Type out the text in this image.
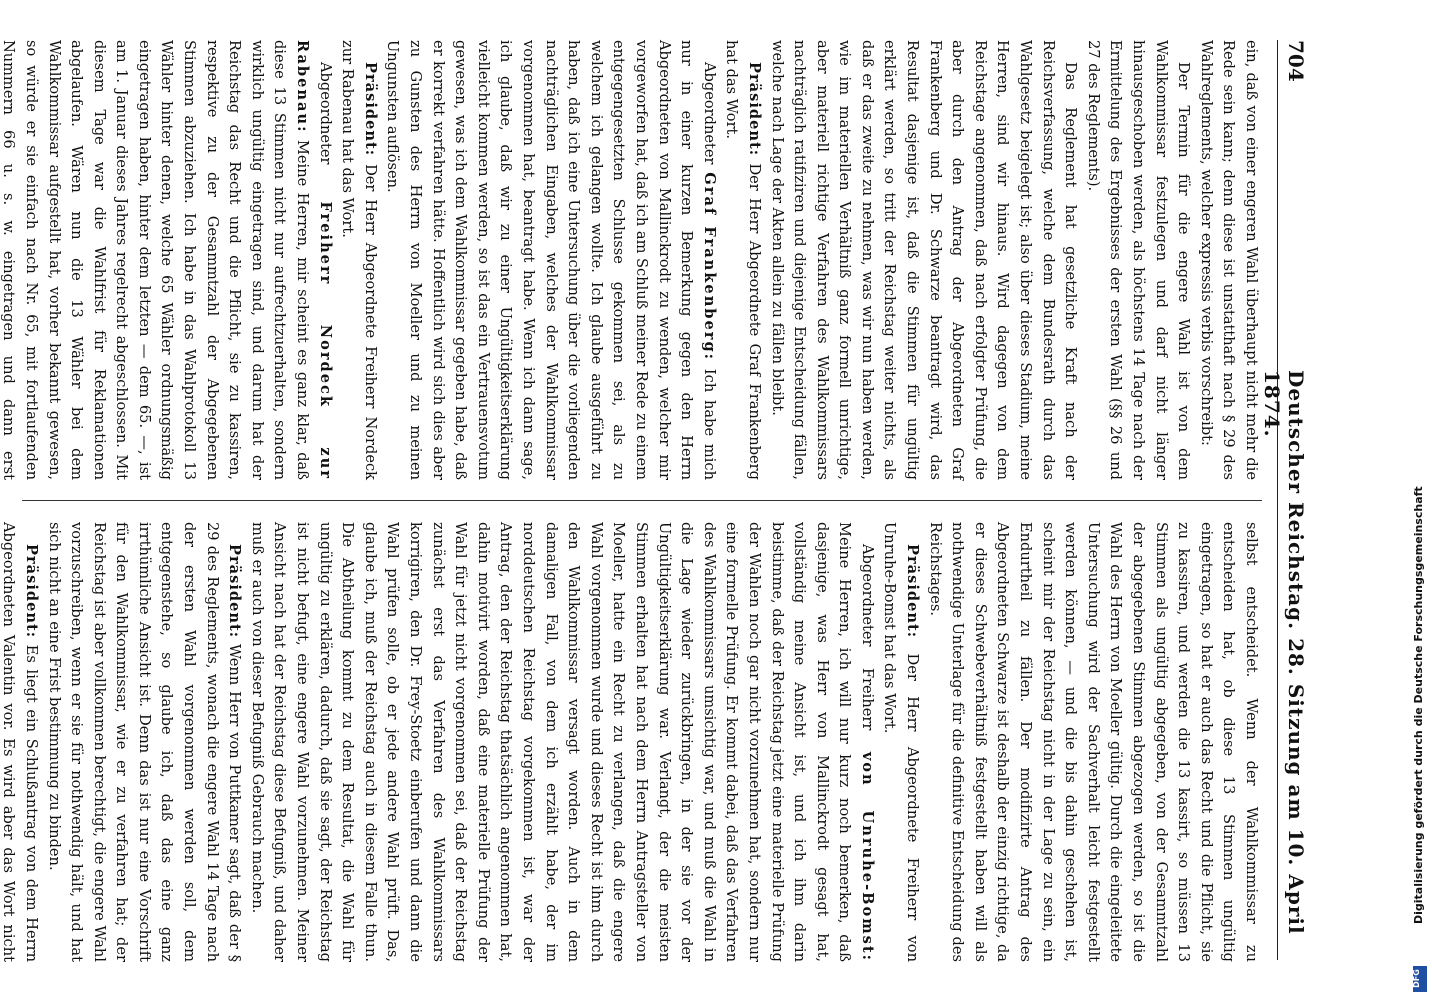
704
Deutscher Reichstag. 28. Sitzung am 10. April 1874.

ein, daß von einer engeren Wahl überhaupt nicht mehr die Rede sein kann; denn diese ist unstatthaft nach § 29 des Wahlreglements, welcher expressis verbis vorschreibt:

Der Termin für die engere Wahl ist von dem Wahlkommissar festzulegen und darf nicht länger hinausgeschoben werden, als höchstens 14 Tage nach der Ermittelung des Ergebnisses der ersten Wahl (§§ 26 und 27 des Reglements).

Das Reglement hat gesetzliche Kraft nach der Reichsverfassung, welche dem Bundesrath durch das Wahlgesetz beigelegt ist; also über dieses Stadium, meine Herren, sind wir hinaus. Wird dagegen von dem Reichstage angenommen, daß nach erfolgter Prüfung, die aber durch den Antrag der Abgeordneten Graf Frankenberg und Dr. Schwarze beantragt wird, das Resultat dasjenige ist, daß die Stimmen für ungültig erklärt werden, so tritt der Reichstag weiter nichts, als daß er das zweite zu nehmen, was wir nun haben werden, wie im materiellen Verhältniß ganz formell unrichtige, aber materiell richtige Verfahren des Wahlkommissars nachträglich ratifiziren und diejenige Entscheidung fällen, welche nach Lage der Akten allein zu fällen bleibt.

Präsident: Der Herr Abgeordnete Graf Frankenberg hat das Wort.

Abgeordneter Graf Frankenberg: Ich habe mich nur in einer kurzen Bemerkung gegen den Herrn Abgeordneten von Mallinckrodt zu wenden, welcher mir vorgeworfen hat, daß ich am Schluß meiner Rede zu einem entgegengesetzten Schlusse gekommen sei, als zu welchem ich gelangen wollte. Ich glaube ausgeführt zu haben, daß ich eine Untersuchung über die vorliegenden nachträglichen Eingaben, welches der Wahlkommissar vorgenommen hat, beantragt habe. Wenn ich dann sage, ich glaube, daß wir zu einer Ungültigkeitserklärung vielleicht kommen werden, so ist das ein Vertrauensvotum gewesen, was ich dem Wahlkommissar gegeben habe, daß er korrekt verfahren hätte. Hoffentlich wird sich dies aber zu Gunsten des Herrn von Moeller und zu meinen Ungunsten auflösen.

Präsident: Der Herr Abgeordnete Freiherr Nordeck zur Rabenau hat das Wort.

Abgeordneter Freiherr Nordeck zur Rabenau: Meine Herren, mir scheint es ganz klar, daß diese 13 Stimmen nicht nur aufrechtzuerhalten, sondern wirklich ungültig eingetragen sind, und darum hat der Reichstag das Recht und die Pflicht, sie zu kassiren, respektive zu der Gesammtzahl der Abgegebenen Stimmen abzuziehen. Ich habe in das Wahlprotokoll 13 Wähler hinter denen, welche 65 Wähler ordnungsmäßig eingetragen haben, hinter dem letzten — dem 65. —, ist am 1. Januar dieses Jahres regelrecht abgeschlossen. Mit diesem Tage war die Wahlfrist für Reklamationen abgelaufen. Wären nun die 13 Wähler bei dem Wahlkommissar aufgestellt hat, vorher bekannt gewesen, so würde er sie einfach nach Nr. 65, mit fortlaufenden Nummern 66 u. s. w. eingetragen und dann erst

selbst entscheidet. Wenn der Wahlkommissar zu entscheiden hat, ob diese 13 Stimmen ungültig eingetragen, so hat er auch das Recht und die Pflicht, sie zu kassiren, und werden die 13 kassirt, so müssen 13 Stimmen als ungültig abgegeben, von der Gesammtzahl der abgegebenen Stimmen abgezogen werden, so ist die Wahl des Herrn von Moeller gültig. Durch die eingeleitete Untersuchung wird der Sachverhalt leicht festgestellt werden können, — und die bis dahin geschehen ist, scheint mir der Reichstag nicht in der Lage zu sein, ein Endurtheil zu fällen. Der modifizirte Antrag des Abgeordneten Schwarze ist deshalb der einzig richtige, da er dieses Schwebeverhältniß festgestellt haben will als nothwendige Unterlage für die definitive Entscheidung des Reichstages.

Präsident: Der Herr Abgeordnete Freiherr von Unruhe-Bomst hat das Wort.

Abgeordneter Freiherr von Unruhe-Bomst: Meine Herren, ich will nur kurz noch bemerken, daß dasjenige, was Herr von Mallinckrodt gesagt hat, vollständig meine Ansicht ist, und ich ihm darin beistimme, daß der Reichstag jetzt eine materielle Prüfung der Wahlen noch gar nicht vorzunehmen hat, sondern nur eine formelle Prüfung. Er kommt dabei, daß das Verfahren des Wahlkommissars umsichtig war, und muß die Wahl in die Lage wieder zurückbringen, in der sie vor der Ungültigkeitserklärung war. Verlangt, der die meisten Stimmen erhalten hat nach dem Herrn Antragsteller von Moeller, hatte ein Recht zu verlangen, daß die engere Wahl vorgenommen wurde und dieses Recht ist ihm durch den Wahlkommissar versagt worden. Auch in dem damaligen Fall, von dem ich erzählt habe, der im norddeutschen Reichstag vorgekommen ist, war der Antrag, den der Reichstag thatsächlich angenommen hat, dahin motivirt worden, daß eine materielle Prüfung der Wahl für jetzt nicht vorgenommen sei, daß der Reichstag zunächst erst das Verfahren des Wahlkommissars korrigiren, den Dr. Frey-Stoetz einberufen und dann die Wahl prüfen solle, ob er jede andere Wahl prüft. Das, glaube ich, muß der Reichstag auch in diesem Falle thun. Die Abtheilung kommt zu dem Resultat, die Wahl für ungültig zu erklären, dadurch, daß sie sagt, der Reichstag ist nicht befugt, eine engere Wahl vorzunehmen. Meiner Ansicht nach hat der Reichstag diese Befugniß, und daher muß er auch von dieser Befugniß Gebrauch machen.

Präsident: Wenn Herr von Puttkamer sagt, daß der § 29 des Reglements, wonach die engere Wahl 14 Tage nach der ersten Wahl vorgenommen werden soll, dem entgegenstehe, so glaube ich, daß das eine ganz irrthümliche Ansicht ist. Denn das ist nur eine Vorschrift für den Wahlkommissar, wie er zu verfahren hat; der Reichstag ist aber vollkommen berechtigt, die engere Wahl vorzuschreiben, wenn er sie für nothwendig hält, und hat sich nicht an eine Frist bestimmung zu binden.

Präsident: Es liegt ein Schlußantrag von dem Herrn Abgeordneten Valentin vor. Es wird aber das Wort nicht

Digitalisierung gefördert durch die Deutsche Forschungsgemeinschaft
DFG
